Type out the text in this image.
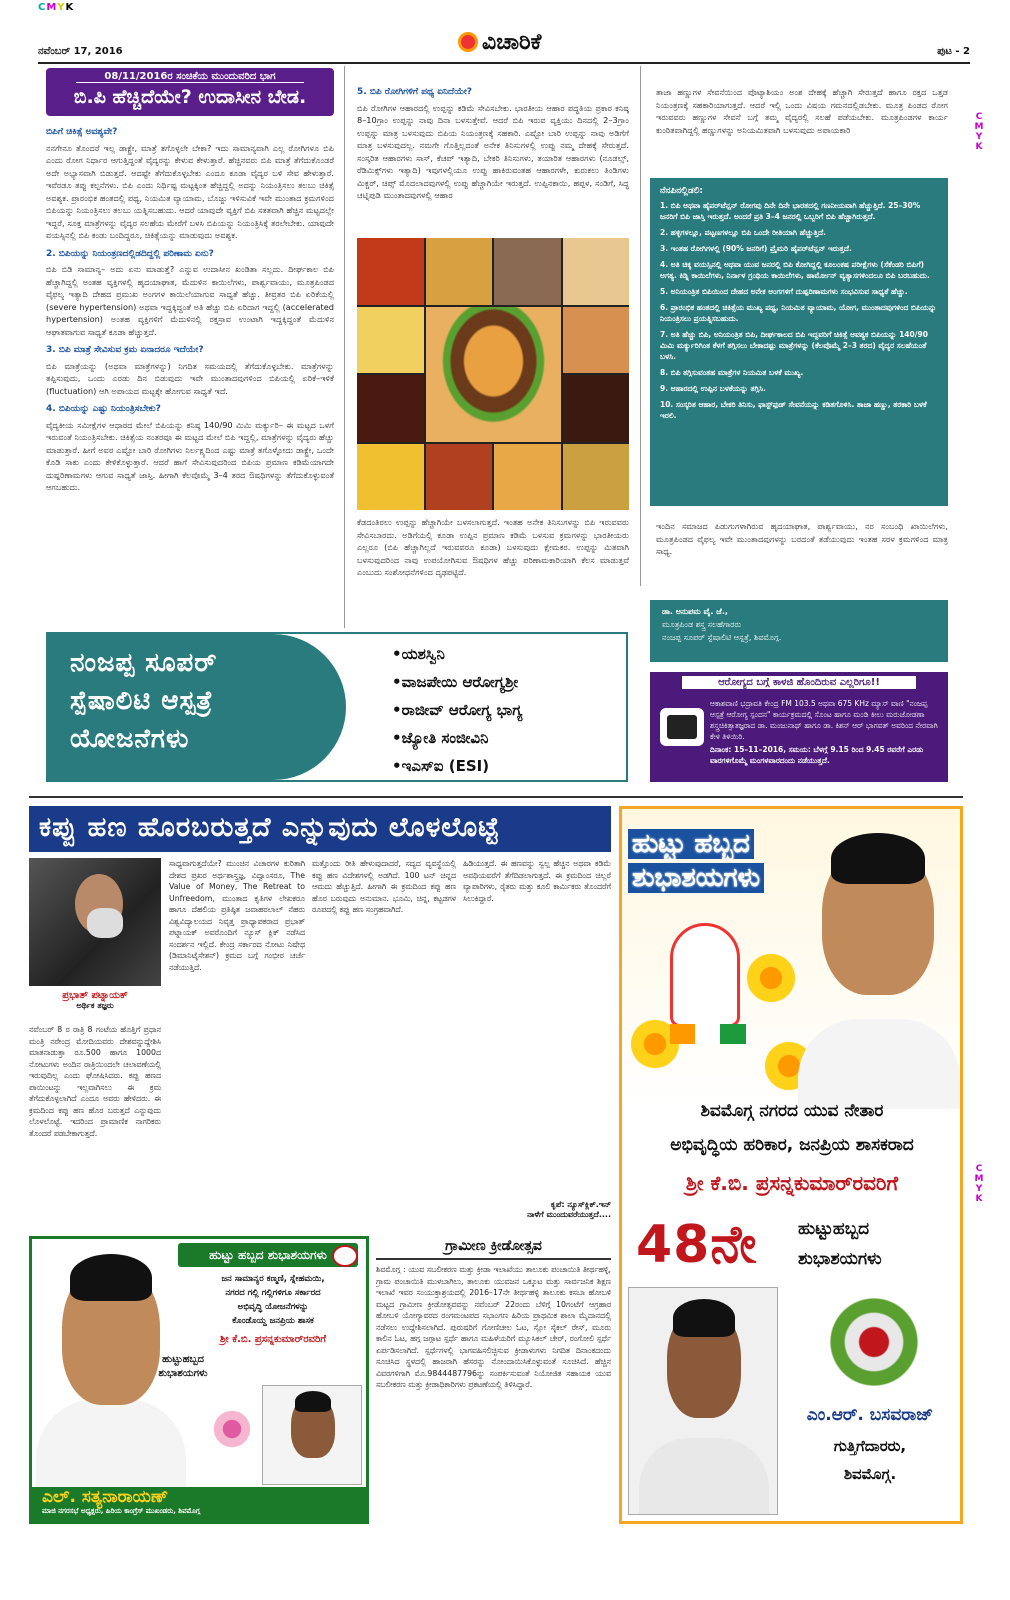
CMYK
C
M
Y
K
C
M
Y
K
ನವೆಂಬರ್ 17, 2016	ವಿಚಾರಿಕೆ	ಪುಟ - 2
08/11/2016ರ ಸಂಚಿಕೆಯ ಮುಂದುವರಿದ ಭಾಗ
ಬಿ.ಪಿ ಹೆಚ್ಚಿದೆಯೇ? ಉದಾಸೀನ ಬೇಡ.
ಬಿಪಿಗೆ ಚಿಕಿತ್ಸೆ ಅವಶ್ಯವೇ?

ನನಗೇನೂ ತೊಂದರೆ ಇಲ್ಲ ಡಾಕ್ಟ್ರೇ, ಮಾತ್ರೆ ತಗೊಳ್ಳಲೇ ಬೇಕಾ? ಇದು ಸಾಮಾನ್ಯವಾಗಿ ಎಲ್ಲ ರೋಗಿಗಳೂ ಬಿಪಿ ಎಂದು ರೋಗ ನಿರ್ಧಾರ ಆಗುತ್ತಿದ್ದಂತೆ ವೈದ್ಯರನ್ನು ಕೇಳುವ ಕೇಳುತ್ತಾರೆ. ಹೆಚ್ಚಿನವರು ಬಿಪಿ ಮಾತ್ರೆ ತೆಗೆದುಕೊಂಡರೆ ಅದೇ ಅಭ್ಯಾಸವಾಗಿ ಬಿಡುತ್ತದೆ. ಆದಷ್ಟೇ ತೆಗೆದುಕೊಳ್ಳಬೇಕು ಎಂದೂ ಕೂಡಾ ವೈದ್ಯರ ಬಳಿ ಸೇವ ಹೇಳುತ್ತಾರೆ. ಇವೆರಡೂ ತಪ್ಪು ಕಲ್ಪನೆಗಳು. ಬಿಪಿ ಎಂದು ನಿರ್ಧಿಷ್ಟ ಮಟ್ಟಕ್ಕಿಂತ ಹೆಚ್ಚಿದ್ದಲ್ಲಿ ಅದನ್ನು ನಿಯಂತ್ರಿಸಲು ತಲಬು ಚಿಕಿತ್ಸೆ ಅವಶ್ಯಕ. ಪ್ರಾರಂಭಿಕ ಹಂತದಲ್ಲಿ ಪಥ್ಯ, ನಿಯಮಿತ ವ್ಯಾಯಾಮ, ಬೊಜ್ಜು ಇಳಿಸುವಿಕೆ ಇವೇ ಮುಂತಾದ ಕ್ರಮಗಳಿಂದ ಬಿಪಿಯನ್ನು ನಿಯಂತ್ರಿಸಲು ತಲಬು ಯತ್ನಿಸಬಹುದು. ಆದರೆ ಯಾವುದೇ ವ್ಯಕ್ತಿಗೆ ಬಿಪಿ ಸತತವಾಗಿ ಹೆಚ್ಚಿನ ಮಟ್ಟದಲ್ಲೇ ಇದ್ದರೆ, ಸೂಕ್ತ ಮಾತ್ರೆಗಳನ್ನು ವೈದ್ಯರ ಸಲಹೆಯ ಮೇರೆಗೆ ಬಳಸಿ ಬಿಪಿಯನ್ನು ನಿಯಂತ್ರಿಸಿಕ್ಕೆ ತರಲೇಬೇಕು. ಯಾವುದೇ ವಯಸ್ಸಿನಲ್ಲಿ ಬಿಪಿ ಕಂಡು ಬಂದಿದ್ದರೂ, ಚಿಕಿತ್ಸೆಯನ್ನು ಮಾಡುವುದು ಅವಶ್ಯಕ.

2. ಬಿಪಿಯನ್ನು ನಿಯಂತ್ರಣದಲ್ಲಿಡದಿದ್ದಲ್ಲಿ ಪರಿಣಾಮ ಏನು?

ಬಿಪಿ ಬಿಡಿ ಸಾಮಾನ್ಯ– ಅದು ಏನು ಮಾಡುತ್ತೆ? ಎನ್ನುವ ಉದಾಸೀನ ಖಂಡಿತಾ ಸಲ್ಲದು. ದೀರ್ಘಕಾಲ ಬಿಪಿ ಹೆಚ್ಚಾಗಿದ್ದಲ್ಲಿ ಅಂತಹ ವ್ಯಕ್ತಿಗಳಲ್ಲಿ ಹೃದಯಾಘಾತ, ಮೆದುಳಿನ ಕಾಯಿಲೆಗಳು, ಪಾರ್ಶ್ವವಾಯು, ಮೂತ್ರಪಿಂಡದ ವೈಫಲ್ಯ ಇತ್ಯಾದಿ ದೇಹದ ಪ್ರಮುಖ ಅಂಗಗಳ ಕಾಯಿಲೆಯಾಗುವ ಸಾಧ್ಯತೆ ಹೆಚ್ಚು. ತೀವ್ರತರ ಬಿಪಿ ಏರಿಕೆಯಲ್ಲಿ (severe hypertension) ಅಥವಾ ಇದ್ದಕ್ಕಿದ್ದಂತೆ ಅತಿ ಹೆಚ್ಚು ಬಿಪಿ ಏರಿದಾಗ ಇದ್ದಲ್ಲಿ (accelerated hypertension) ಅಂತಹ ವ್ಯಕ್ತಿಗಳಿಗೆ ಮೆದುಳಿನಲ್ಲಿ ರಕ್ತಸ್ರಾವ ಉಂಟಾಗಿ ಇದ್ದಕ್ಕಿದ್ದಂತೆ ಮೆದುಳಿನ ಆಘಾತವಾಗುವ ಸಾಧ್ಯತೆ ಕೂಡಾ ಹೆಚ್ಚುತ್ತದೆ.

3. ಬಿಪಿ ಮಾತ್ರೆ ಸೇವಿಸುವ ಕ್ರಮ ಏನಾದರೂ ಇದೆಯೇ?

ಬಿಪಿ ಮಾತ್ರೆಯನ್ನು (ಅಥವಾ ಮಾತ್ರೆಗಳನ್ನು) ನಿಗದಿತ ಸಮಯದಲ್ಲಿ ತೆಗೆದುಕೊಳ್ಳಬೇಕು. ಮಾತ್ರೆಗಳನ್ನು ತಪ್ಪಿಸುವುದು, ಒಂದು ಎರಡು ದಿನ ಬಿಡುವುದು ಇವೇ ಮುಂತಾದವುಗಳಿಂದ ಬಿಪಿಯಲ್ಲಿ ಏರಿಕೆ–ಇಳಿಕೆ (fluctuation) ಆಗಿ ಅಪಾಯದ ಮಟ್ಟಕ್ಕೇ ಹೋಗುವ ಸಾಧ್ಯತೆ ಇದೆ.

4. ಬಿಪಿಯನ್ನು ಎಷ್ಟು ನಿಯಂತ್ರಿಸಬೇಕು?

ವೈದ್ಯಕೀಯ ಸಮೀಕ್ಷೆಗಳ ಆಧಾರದ ಮೇಲೆ ಬಿಪಿಯನ್ನು ಕನಿಷ್ಠ 140/90 ಮಿಮಿ ಮರ್ಕ್ಯುರಿ– ಈ ಮಟ್ಟದ ಒಳಗೆ ಇರುವಂತೆ ನಿಯಂತ್ರಿಸಬೇಕು. ಚಿಕಿತ್ಸೆಯ ನಂತರವೂ ಈ ಮಟ್ಟದ ಮೇಲೆ ಬಿಪಿ ಇದ್ದಲ್ಲಿ, ಮಾತ್ರೆಗಳನ್ನು ವೈದ್ಯರು ಹೆಚ್ಚು ಮಾಡುತ್ತಾರೆ. ಹೀಗೆ ಅವರ ಎಷ್ಟೋ ಬಾರಿ ರೋಗಿಗಳು ನಿರ್ಲಕ್ಷ್ಯದಿಂದ ಎಷ್ಟು ಮಾತ್ರೆ ತಗೊಳ್ಳೋದು ಡಾಕ್ಟ್ರೇ, ಒಂದೇ ಕೊಡಿ ಸಾಕು ಎಂದು ಕೇಳಿಕೊಳ್ಳುತ್ತಾರೆ. ಆದರೆ ಹಾಗೆ ಸೇವಿಸುವುದರಿಂದ ಬಿಪಿಯ ಪ್ರಮಾಣ ಕಡಿಮೆಯಾಗದೇ ದುಷ್ಪರಿಣಾಮಗಳು ಆಗುವ ಸಾಧ್ಯತೆ ಜಾಸ್ತಿ. ಹೀಗಾಗಿ ಕೆಲವೊಮ್ಮೆ 3–4 ತರದ ಔಷಧಿಗಳನ್ನು ತೆಗೆದುಕೊಳ್ಳುವಂತೆ ಆಗಬಹುದು.

5. ಬಿಪಿ ರೋಗಿಗಳಿಗೆ ಪಥ್ಯ ಏನಿದೆಯೇ?

ಬಿಪಿ ರೋಗಿಗಳ ಆಹಾರದಲ್ಲಿ ಉಪ್ಪನ್ನು ಕಡಿಮೆ ಸೇವಿಸಬೇಕು. ಭಾರತೀಯ ಆಹಾರ ಪದ್ಧತಿಯ ಪ್ರಕಾರ ಕನಿಷ್ಠ 8–10ಗ್ರಾಂ ಉಪ್ಪನ್ನು ನಾವು ದಿನಾ ಬಳಸುತ್ತೇವೆ. ಆದರೆ ಬಿಪಿ ಇರುವ ವ್ಯಕ್ತಿಯು ದಿನದಲ್ಲಿ 2–3ಗ್ರಾಂ ಉಪ್ಪನ್ನು ಮಾತ್ರ ಬಳಸುವುದು ಬಿಪಿಯ ನಿಯಂತ್ರಣಕ್ಕೆ ಸಹಕಾರಿ. ಎಷ್ಟೋ ಬಾರಿ ಉಪ್ಪನ್ನು ನಾವು ಅಡಿಗೆಗೆ ಮಾತ್ರ ಬಳಸುವುದಲ್ಲ. ನಮಗೇ ಗೊತ್ತಿಲ್ಲದಂತೆ ಅನೇಕ ತಿನಿಸುಗಳಲ್ಲಿ ಉಪ್ಪು ನಮ್ಮ ದೇಹಕ್ಕೆ ಸೇರುತ್ತದೆ. ಸಂಸ್ಕರಿತ ಆಹಾರಗಳು ಸಾಸ್, ಕೆಚಪ್ ಇತ್ಯಾದಿ, ಬೇಕರಿ ತಿನಿಸುಗಳು, ತಯಾರಿತ ಆಹಾರಗಳು (ನೂಡಲ್ಸ್, ರೆಡಿಮಿಕ್ಸ್‌ಗಳು ಇತ್ಯಾದಿ) ಇವುಗಳಲ್ಲಿಯೂ ಉಪ್ಪು ಹಾಕಿರುವಂತಹ ಆಹಾರಗಳೇ, ಕುರುಕಲು ತಿಂಡಿಗಳು ಮಿಕ್ಚರ್, ಚಿಪ್ಸ್ ಮೊದಲಾದವುಗಳಲ್ಲಿ ಉಪ್ಪು ಹೆಚ್ಚಾಗಿಯೇ ಇರುತ್ತದೆ. ಉಪ್ಪಿನಕಾಯಿ, ಹಪ್ಪಳ, ಸಂಡಿಗೆ, ಸಿದ್ಧ ಚಟ್ನಿಪುಡಿ ಮುಂತಾದವುಗಳಲ್ಲಿ ಆಹಾರ

ಕೆಡದಂತಿರಲು ಉಪ್ಪನ್ನು ಹೆಚ್ಚಾಗಿಯೇ ಬಳಸಲಾಗುತ್ತದೆ. ಇಂತಹ ಅನೇಕ ತಿನಿಸುಗಳನ್ನು ಬಿಪಿ ಇರುವವರು ಸೇವಿಸಬಾರದು. ಅಡಿಗೆಯಲ್ಲಿ ಕೂಡಾ ಉಪ್ಪಿನ ಪ್ರಮಾಣ ಕಡಿಮೆ ಬಳಸುವ ಕ್ರಮಗಳನ್ನು ಭಾರತೀಯರು ಎಲ್ಲರೂ (ಬಿಪಿ ಹೆಚ್ಚಾಗಿಲ್ಲದೆ ಇರುವವರೂ ಕೂಡಾ) ಬಳಸುವುದು ಕ್ಷೇಮಕರ. ಉಪ್ಪನ್ನು ಮಿತವಾಗಿ ಬಳಸುವುದರಿಂದ ನಾವು ಉಪಯೋಗಿಸುವ ಔಷಧಿಗಳ ಹೆಚ್ಚು ಪರಿಣಾಮಕಾರಿಯಾಗಿ ಕೆಲಸ ಮಾಡುತ್ತವೆ ಎಂಬುದು ಸಂಶೋಧನೆಗಳಿಂದ ದೃಢಪಟ್ಟಿದೆ.
ತಾಜಾ ಹಣ್ಣುಗಳ ಸೇವನೆಯಿಂದ ಪೊಟ್ಯಾಶಿಯಂ ಅಂಶ ದೇಹಕ್ಕೆ ಹೆಚ್ಚಾಗಿ ಸೇರುತ್ತದೆ ಹಾಗೂ ರಕ್ತದ ಒತ್ತಡ ನಿಯಂತ್ರಣಕ್ಕೆ ಸಹಕಾರಿಯಾಗುತ್ತದೆ. ಆದರೆ ಇಲ್ಲಿ ಒಂದು ವಿಷಯ ಗಮನದಲ್ಲಿಡಬೇಕು. ಮೂತ್ರ ಪಿಂಡದ ರೋಗ ಇರುವವರು ಹಣ್ಣುಗಳ ಸೇವನೆ ಬಗ್ಗೆ ತಮ್ಮ ವೈದ್ಯರಲ್ಲಿ ಸಲಹೆ ಪಡೆಯಬೇಕು. ಮೂತ್ರಪಿಂಡಗಳ ಕಾರ್ಯ ಕುಂಠಿತವಾಗಿದ್ದಲ್ಲಿ ಹಣ್ಣುಗಳನ್ನು ಅನಿಯಮಿತವಾಗಿ ಬಳಸುವುದು ಅಪಾಯಕಾರಿ
ನೆನಪಿನಲ್ಲಿಡಲಿ:

1. ಬಿಪಿ ಅಥವಾ ಹೈಪರ್‌ಟೆನ್ಷನ್ ರೋಗವು ದಿನೇ ದಿನೇ ಭಾರತದಲ್ಲಿ ಗಣನೀಯವಾಗಿ ಹೆಚ್ಚುತ್ತಿದೆ. 25–30% ಜನರಿಗೆ ಬಿಪಿ ಜಾಸ್ತಿ ಇರುತ್ತದೆ. ಅಂದರೆ ಪ್ರತಿ 3–4 ಜನರಲ್ಲಿ ಒಬ್ಬರಿಗೆ ಬಿಪಿ ಹೆಚ್ಚಾಗಿರುತ್ತದೆ.

2. ಹಳ್ಳಿಗಳಲ್ಲೂ, ಪಟ್ಟಣಗಳಲ್ಲೂ ಬಿಪಿ ಒಂದೇ ರೀತಿಯಾಗಿ ಹೆಚ್ಚುತ್ತಿದೆ.

3. ಇಂತಹ ರೋಗಿಗಳಲ್ಲಿ (90% ಜನರಿಗೆ) ಪ್ರೈಮರಿ ಹೈಪರ್‌ಟೆನ್ಷನ್ ಇರುತ್ತದೆ.

4. ಅತಿ ಚಿಕ್ಕ ವಯಸ್ಸಿನಲ್ಲಿ ಅಥವಾ ಯುವ ಜನರಲ್ಲಿ ಬಿಪಿ ಕೋಗಿದ್ದಲ್ಲಿ ಕೂಲಂಕಷ ಪರೀಕ್ಷೆಗಳು (ಸೆಕೆಂಡರಿ ಬಿಪಿಗೆ) ಅಗತ್ಯ. ಕಿಡ್ನಿ ಕಾಯಿಲೆಗಳು, ನಿರ್ನಾಳ ಗ್ರಂಥಿಯ ಕಾಯಿಲೆಗಳು, ಹಾರ್ಮೋನ್ ವ್ಯತ್ಯಾಸಗಳಿಂದಲೂ ಬಿಪಿ ಬರಬಹುದು.

5. ಅನಿಯಂತ್ರಿತ ಬಿಪಿಯಿಂದ ದೇಹದ ಅನೇಕ ಅಂಗಗಳಿಗೆ ದುಷ್ಪರಿಣಾಮಗಳು ಸಂಭವಿಸುವ ಸಾಧ್ಯತೆ ಹೆಚ್ಚು.

6. ಪ್ರಾರಂಭಿಕ ಹಂತದಲ್ಲಿ ಚಿಕಿತ್ಸೆಯ ಮುಖ್ಯ ಪಥ್ಯ, ನಿಯಮಿತ ವ್ಯಾಯಾಮ, ಯೋಗ, ಮುಂತಾದವುಗಳಿಂದ ಬಿಪಿಯನ್ನು ನಿಯಂತ್ರಿಸಲು ಪ್ರಯತ್ನಿಸಬಹುದು.

7. ಅತಿ ಹೆಚ್ಚು ಬಿಪಿ, ಅನಿಯಂತ್ರಿತ ಬಿಪಿ, ದೀರ್ಘಕಾಲದ ಬಿಪಿ ಇದ್ದವರಿಗೆ ಚಿಕಿತ್ಸೆ ಅವಶ್ಯಕ ಬಿಪಿಯನ್ನು 140/90 ಮಿಮಿ ಮರ್ಕ್ಯುರಿಗಿಂತ ಕೆಳಗೆ ತಗ್ಗಿಸಲು ಬೇಕಾದಷ್ಟು ಮಾತ್ರೆಗಳನ್ನು (ಕೆಲವೊಮ್ಮೆ 2–3 ತರದ) ವೈದ್ಯರ ಸಲಹೆಯಂತೆ ಬಳಸಿ.

8. ಬಿಪಿ ತಗ್ಗಿಸುವಂತಹ ಮಾತ್ರೆಗಳ ನಿಯಮಿತ ಬಳಕೆ ಮುಖ್ಯ.

9. ಆಹಾರದಲ್ಲಿ ಉಪ್ಪಿನ ಬಳಕೆಯನ್ನು ತಗ್ಗಿಸಿ.

10. ಸಂಸ್ಕರಿತ ಆಹಾರ, ಬೇಕರಿ ತಿನಿಸು, ಫಾಸ್ಟ್‌ಫುಡ್ ಸೇವನೆಯನ್ನು ಕಡಿತಗೊಳಿಸಿ. ತಾಜಾ ಹಣ್ಣು, ತರಕಾರಿ ಬಳಕೆ ಇರಲಿ.

ಇಂದಿನ ಸಮಾಜದ ಪಿಡುಗುಗಳಾಗಿರುವ ಹೃದಯಾಘಾತ, ಪಾರ್ಶ್ವವಾಯು, ನರ ಸಂಬಂಧಿ ಖಾಯಿಲೆಗಳು, ಮೂತ್ರಪಿಂಡದ ವೈಫಲ್ಯ ಇವೇ ಮುಂತಾದವುಗಳನ್ನು ಬರದಂತೆ ತಡೆಯುವುದು ಇಂತಹ ಸರಳ ಕ್ರಮಗಳಿಂದ ಮಾತ್ರ ಸಾಧ್ಯ.
ಡಾ. ಅನುಪಮ ವೈ. ಜೆ.,
ಮೂತ್ರಪಿಂಡ ಶಸ್ತ್ರ ಸಲಹೆಗಾರರು
ನಂಜಪ್ಪ ಸೂಪರ್ ಸ್ಪೆಷಾಲಿಟಿ ಆಸ್ಪತ್ರೆ, ಶಿವಮೊಗ್ಗ.
ಆರೋಗ್ಯದ ಬಗ್ಗೆ ಕಾಳಜಿ ಹೊಂದಿರುವ ಎಲ್ಲರಿಗೂ!!
ಆಕಾಶವಾಣಿ ಭದ್ರಾವತಿ ಕೇಂದ್ರ FM 103.5 ಅಥವಾ 675 KHz ಮ್ಯಾಸ್ ವಾಣಿ "ನಂಜಪ್ಪ ಆಸ್ಪತ್ರೆ ಆರೋಗ್ಯ ಸ್ಪಂದನ" ಕಾರ್ಯಕ್ರಮದಲ್ಲಿ ಸೊಂಟ ಹಾಗೂ ಮಂಡಿ ಕೀಲು ಮರುಜೋಡಣಾ ಶಸ್ತ್ರಚಿಕಿತ್ಸಾತಜ್ಞರಾದ ಡಾ. ಮಂಜುನಾಥ್ ಹಾಗೂ ಡಾ. ಕಿಶನ್ ಆರ್ ಭಾಗವತ್ ಅವರಿಂದ ನೇರವಾಗಿ ಕೇಳಿ ತಿಳಿಯಿರಿ.
ದಿನಾಂಕ: 15–11–2016, ಸಮಯ: ಬೆಳಗ್ಗೆ 9.15 ರಿಂದ 9.45 ರವರೆಗೆ ಎರಡು ವಾರಗಳಿಗೊಮ್ಮೆ ಮಂಗಳವಾರದಂದು ನಡೆಯುತ್ತದೆ.
ನಂಜಪ್ಪ ಸೂಪರ್
ಸ್ಪೆಷಾಲಿಟಿ ಆಸ್ಪತ್ರೆ
ಯೋಜನೆಗಳು
•ಯಶಸ್ವಿನಿ
•ವಾಜಪೇಯಿ ಆರೋಗ್ಯಶ್ರೀ
•ರಾಜೀವ್ ಆರೋಗ್ಯ ಭಾಗ್ಯ
•ಜ್ಯೋತಿ ಸಂಜೀವಿನಿ
•ಇಎಸ್‌ಐ (ESI)
ಕಪ್ಪು ಹಣ ಹೊರಬರುತ್ತದೆ ಎನ್ನುವುದು ಲೊಳಲೊಟ್ಟೆ
ಪ್ರಭಾತ್ ಪಟ್ನಾಯಕ್
ಅರ್ಥಿಕ ತಜ್ಞರು
ನವೆಂಬರ್ 8 ರ ರಾತ್ರಿ 8 ಗಂಟೆಯ ಹೊತ್ತಿಗೆ ಪ್ರಧಾನ ಮಂತ್ರಿ ನರೇಂದ್ರ ಮೋದಿಯವರು ದೇಶವನ್ನುದ್ದೇಶಿಸಿ ಮಾತನಾಡುತ್ತಾ ರೂ.500 ಹಾಗೂ 1000ದ ನೋಟುಗಳು ಅಂದಿನ ರಾತ್ರಿಯಿಂದಲೇ ಚಲಾವಣೆಯಲ್ಲಿ ಇರುವುದಿಲ್ಲ ಎಂದು ಘೋಷಿಸಿದರು. ಕಪ್ಪು ಹಣದ ಪಾಯಿಂಟನ್ನು ಇಲ್ಲವಾಗಿಸಲು ಈ ಕ್ರಮ ತೆಗೆದುಕೊಳ್ಳಲಾಗಿದೆ ಎಂದೂ ಅವರು ಹೇಳಿದರು. ಈ ಕ್ರಮದಿಂದ ಕಪ್ಪು ಹಣ ಹೊರ ಬರುತ್ತದೆ ಎನ್ನುವುದು ಲೊಳಲೊಟ್ಟೆ. ಇದರಿಂದ ಪ್ರಾಮಾಣಿಕ ನಾಗರಿಕರು ತೊಂದರೆ ಪಡಬೇಕಾಗುತ್ತದೆ.
ಸಾಧ್ಯವಾಗುತ್ತದೆಯೇ? ಮುಂಚಿನ ವಿಚಾರಗಳ ಕುರಿತಾಗಿ ದೇಶದ ಪ್ರಖರ ಅರ್ಥಶಾಸ್ತ್ರಜ್ಞ, ವಿದ್ವಾಂಸರೂ, The Value of Money, The Retreat to Unfreedom, ಮುಂತಾದ ಕೃತಿಗಳ ಲೇಖಕರೂ ಹಾಗೂ ದೆಹಲಿಯ ಪ್ರತಿಷ್ಠಿತ ಜವಾಹರಲಾಲ್ ನೆಹರು ವಿಶ್ವವಿದ್ಯಾಲಯದ ನಿವೃತ್ತ ಪ್ರಾಧ್ಯಾಪಕರಾದ ಪ್ರಭಾತ್ ಪಟ್ನಾಯಕ್ ಅವರೊಂದಿಗೆ ನ್ಯೂಸ್ ಕ್ಲಿಕ್ ನಡೆಸಿದ ಸಂದರ್ಶನ ಇಲ್ಲಿದೆ. ಕೇಂದ್ರ ಸರ್ಕಾರದ ನೋಟು ನಿಷೇಧ (ಡಿಮಾನಿಟೈಸೇಶನ್) ಕ್ರಮದ ಬಗ್ಗೆ ಗಂಭೀರ ಚರ್ಚೆ ನಡೆಯುತ್ತಿದೆ.
ಮತ್ತೊಂದು ರೀತಿ ಹೇಳುವುದಾದರೆ, ಸದ್ಯದ ವ್ಯವಸ್ಥೆಯಲ್ಲಿ ಕಪ್ಪು ಹಣ ವಿದೇಶಗಳಲ್ಲಿ ಅಡಗಿದೆ. 100 ಟನ್ ಚಿನ್ನದ ಆಮದು ಹೆಚ್ಚುತ್ತಿದೆ. ಹೀಗಾಗಿ ಈ ಕ್ರಮದಿಂದ ಕಪ್ಪು ಹಣ ಹೊರ ಬರುವುದು ಅನುಮಾನ. ಭೂಮಿ, ಚಿನ್ನ, ಕಟ್ಟಡಗಳ ರೂಪದಲ್ಲಿ ಕಪ್ಪು ಹಣ ಸಂಗ್ರಹವಾಗಿದೆ.
ಹಿಡಿಯುತ್ತದೆ. ಈ ಹಣವನ್ನು ಸ್ವಲ್ಪ ಹೆಚ್ಚಿನ ಅಥವಾ ಕಡಿಮೆ ಅವಧಿಯವರೆಗೆ ತೆಗೆದಿಡಲಾಗುತ್ತದೆ. ಈ ಕ್ರಮದಿಂದ ಚಿಲ್ಲರೆ ವ್ಯಾಪಾರಿಗಳು, ರೈತರು ಮತ್ತು ಕೂಲಿ ಕಾರ್ಮಿಕರು ತೊಂದರೆಗೆ ಸಿಲುಕಿದ್ದಾರೆ.
ಕೃಪೆ: ನ್ಯೂಸ್‌ಕ್ಲಿಕ್.ಇನ್
ನಾಳೆಗೆ ಮುಂದುವರೆಯುತ್ತದೆ....
ಹುಟ್ಟು ಹಬ್ಬದ
ಶುಭಾಶಯಗಳು
ಶಿವಮೊಗ್ಗ ನಗರದ ಯುವ ನೇತಾರ
ಅಭಿವೃದ್ಧಿಯ ಹರಿಕಾರ, ಜನಪ್ರಿಯ ಶಾಸಕರಾದ
ಶ್ರೀ ಕೆ.ಬಿ. ಪ್ರಸನ್ನಕುಮಾರ್‌ರವರಿಗೆ
48ನೇ ಹುಟ್ಟುಹಬ್ಬದ
ಶುಭಾಶಯಗಳು
ಎಂ.ಆರ್. ಬಸವರಾಜ್
ಗುತ್ತಿಗೆದಾರರು,
ಶಿವಮೊಗ್ಗ.
ಹುಟ್ಟು ಹಬ್ಬದ ಶುಭಾಶಯಗಳು
ಜನ ಸಾಮಾನ್ಯರ ಕಣ್ಮಣಿ, ಸ್ನೇಹಮಯಿ,
ನಗರದ ಗಲ್ಲಿ ಗಲ್ಲಿಗಳಿಗೂ ಸರ್ಕಾರದ
ಅಭಿವೃದ್ಧಿ ಯೋಜನೆಗಳನ್ನು
ಕೊಂಡೊಯ್ದ ಜನಪ್ರಿಯ ಶಾಸಕ
ಶ್ರೀ ಕೆ.ಬಿ. ಪ್ರಸನ್ನಕುಮಾರ್‌ರವರಿಗೆ
ಹುಟ್ಟುಹಬ್ಬದ
ಶುಭಾಶಯಗಳು
ಎಲ್. ಸತ್ಯನಾರಾಯಣ್
ಮಾಜಿ ನಗರಸಭೆ ಅಧ್ಯಕ್ಷರು, ಹಿರಿಯ ಕಾಂಗ್ರೆಸ್ ಮುಖಂಡರು, ಶಿವಮೊಗ್ಗ
ಗ್ರಾಮೀಣ ಕ್ರೀಡೋತ್ಸವ
ಶಿವಮೊಗ್ಗ : ಯುವ ಸಬಲೀಕರಣ ಮತ್ತು ಕ್ರೀಡಾ ಇಲಾಖೆಯು ತಾಲೂಕು ಪಂಚಾಯಿತಿ ತೀರ್ಥಹಳ್ಳಿ, ಗ್ರಾಮ ಪಂಚಾಯಿತಿ ಮುಳಬಾಗಿಲು, ತಾಲೂಕು ಯುವಜನ ಒಕ್ಕೂಟ ಮತ್ತು ಸಾರ್ವಜನಿಕ ಶಿಕ್ಷಣ ಇಲಾಖೆ ಇವರ ಸಂಯುಕ್ತಾಶ್ರಯದಲ್ಲಿ 2016–17ನೇ ತೀರ್ಥಹಳ್ಳಿ ತಾಲೂಕು ಕಸಬಾ ಹೋಬಳಿ ಮಟ್ಟದ ಗ್ರಾಮೀಣ ಕ್ರೀಡೋತ್ಸವವನ್ನು ನವೆಂಬರ್ 22ರಂದು ಬೆಳಿಗ್ಗೆ 10ಗಂಟೆಗೆ ಆಗ್ರಹಾರ ಹೋಬಳಿ ಯೋಗ್ಯಾವರದ ರಂಗಮಂಟಪದ ಸಭಾಂಗಣ ಹಿರಿಯ ಪ್ರಾಥಮಿಕ ಶಾಲಾ ಮೈದಾನದಲ್ಲಿ ನಡೆಸಲು ಉದ್ದೇಶಿಸಲಾಗಿದೆ. ಪುರುಷರಿಗೆ ಗೋಣಿಚೀಲ ಓಟ, ಸ್ಲೋ ಸೈಕಲ್ ರೇಸ್, ಮೂರು ಕಾಲಿನ ಓಟ, ಹಗ್ಗ ಜಗ್ಗಾಟ ಸ್ಪರ್ಧೆ ಹಾಗೂ ಮಹಿಳೆಯರಿಗೆ ಮ್ಯೂಸಿಕಲ್ ಚೇರ್, ರಂಗೋಲಿ ಸ್ಪರ್ಧೆ ಏರ್ಪಡಿಸಲಾಗಿದೆ. ಸ್ಪರ್ಧೆಗಳಲ್ಲಿ ಭಾಗವಹಿಸಲಿಚ್ಛಿಸುವ ಕ್ರೀಡಾಳುಗಳು ನಿಗದಿತ ದಿನಾಂಕದಂದು ಸೂಚಿಸಿದ ಸ್ಥಳದಲ್ಲಿ ಹಾಜರಾಗಿ ಹೆಸರನ್ನು ನೋಂದಾಯಿಸಿಕೊಳ್ಳುವಂತೆ ಸೂಚಿಸಿದೆ. ಹೆಚ್ಚಿನ ವಿವರಗಳಿಗಾಗಿ ಮೊ.9844487796ನ್ನು ಸಂಪರ್ಕಿಸುವಂತೆ ನಿಯೋಜಿತ ಸಹಾಯಕ ಯುವ ಸಬಲೀಕರಣ ಮತ್ತು ಕ್ರೀಡಾಧಿಕಾರಿಗಳು ಪ್ರಕಟಣೆಯಲ್ಲಿ ತಿಳಿಸಿದ್ದಾರೆ.
